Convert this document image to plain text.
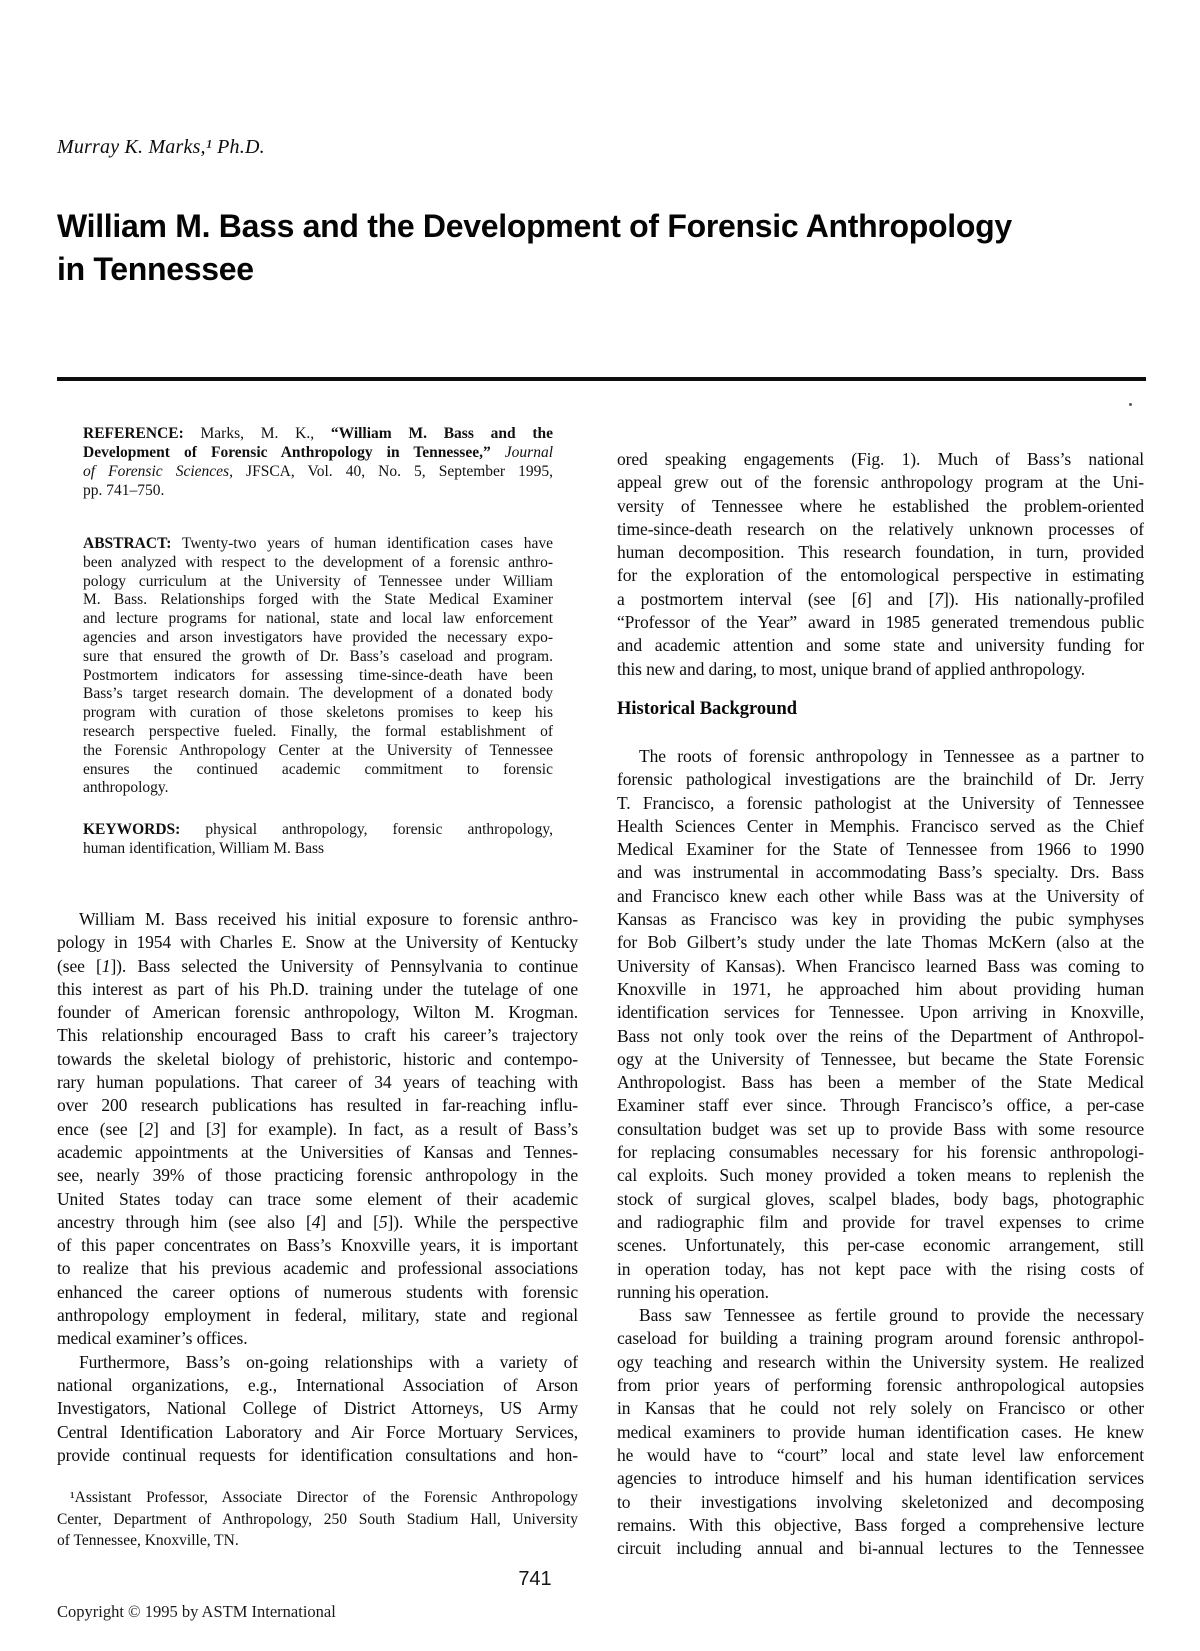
Murray K. Marks,¹ Ph.D.
William M. Bass and the Development of Forensic Anthropology
in Tennessee
REFERENCE: Marks, M. K., “William M. Bass and the
Development of Forensic Anthropology in Tennessee,” Journal
of Forensic Sciences, JFSCA, Vol. 40, No. 5, September 1995,
pp. 741–750.
ABSTRACT: Twenty-two years of human identification cases have
been analyzed with respect to the development of a forensic anthro-
pology curriculum at the University of Tennessee under William
M. Bass. Relationships forged with the State Medical Examiner
and lecture programs for national, state and local law enforcement
agencies and arson investigators have provided the necessary expo-
sure that ensured the growth of Dr. Bass’s caseload and program.
Postmortem indicators for assessing time-since-death have been
Bass’s target research domain. The development of a donated body
program with curation of those skeletons promises to keep his
research perspective fueled. Finally, the formal establishment of
the Forensic Anthropology Center at the University of Tennessee
ensures the continued academic commitment to forensic
anthropology.
KEYWORDS: physical anthropology, forensic anthropology,
human identification, William M. Bass
William M. Bass received his initial exposure to forensic anthro-
pology in 1954 with Charles E. Snow at the University of Kentucky
(see [1]). Bass selected the University of Pennsylvania to continue
this interest as part of his Ph.D. training under the tutelage of one
founder of American forensic anthropology, Wilton M. Krogman.
This relationship encouraged Bass to craft his career’s trajectory
towards the skeletal biology of prehistoric, historic and contempo-
rary human populations. That career of 34 years of teaching with
over 200 research publications has resulted in far-reaching influ-
ence (see [2] and [3] for example). In fact, as a result of Bass’s
academic appointments at the Universities of Kansas and Tennes-
see, nearly 39% of those practicing forensic anthropology in the
United States today can trace some element of their academic
ancestry through him (see also [4] and [5]). While the perspective
of this paper concentrates on Bass’s Knoxville years, it is important
to realize that his previous academic and professional associations
enhanced the career options of numerous students with forensic
anthropology employment in federal, military, state and regional
medical examiner’s offices.
Furthermore, Bass’s on-going relationships with a variety of
national organizations, e.g., International Association of Arson
Investigators, National College of District Attorneys, US Army
Central Identification Laboratory and Air Force Mortuary Services,
provide continual requests for identification consultations and hon-
¹Assistant Professor, Associate Director of the Forensic Anthropology
Center, Department of Anthropology, 250 South Stadium Hall, University
of Tennessee, Knoxville, TN.
ored speaking engagements (Fig. 1). Much of Bass’s national
appeal grew out of the forensic anthropology program at the Uni-
versity of Tennessee where he established the problem-oriented
time-since-death research on the relatively unknown processes of
human decomposition. This research foundation, in turn, provided
for the exploration of the entomological perspective in estimating
a postmortem interval (see [6] and [7]). His nationally-profiled
“Professor of the Year” award in 1985 generated tremendous public
and academic attention and some state and university funding for
this new and daring, to most, unique brand of applied anthropology.
Historical Background
The roots of forensic anthropology in Tennessee as a partner to
forensic pathological investigations are the brainchild of Dr. Jerry
T. Francisco, a forensic pathologist at the University of Tennessee
Health Sciences Center in Memphis. Francisco served as the Chief
Medical Examiner for the State of Tennessee from 1966 to 1990
and was instrumental in accommodating Bass’s specialty. Drs. Bass
and Francisco knew each other while Bass was at the University of
Kansas as Francisco was key in providing the pubic symphyses
for Bob Gilbert’s study under the late Thomas McKern (also at the
University of Kansas). When Francisco learned Bass was coming to
Knoxville in 1971, he approached him about providing human
identification services for Tennessee. Upon arriving in Knoxville,
Bass not only took over the reins of the Department of Anthropol-
ogy at the University of Tennessee, but became the State Forensic
Anthropologist. Bass has been a member of the State Medical
Examiner staff ever since. Through Francisco’s office, a per-case
consultation budget was set up to provide Bass with some resource
for replacing consumables necessary for his forensic anthropologi-
cal exploits. Such money provided a token means to replenish the
stock of surgical gloves, scalpel blades, body bags, photographic
and radiographic film and provide for travel expenses to crime
scenes. Unfortunately, this per-case economic arrangement, still
in operation today, has not kept pace with the rising costs of
running his operation.
Bass saw Tennessee as fertile ground to provide the necessary
caseload for building a training program around forensic anthropol-
ogy teaching and research within the University system. He realized
from prior years of performing forensic anthropological autopsies
in Kansas that he could not rely solely on Francisco or other
medical examiners to provide human identification cases. He knew
he would have to “court” local and state level law enforcement
agencies to introduce himself and his human identification services
to their investigations involving skeletonized and decomposing
remains. With this objective, Bass forged a comprehensive lecture
circuit including annual and bi-annual lectures to the Tennessee
741
Copyright © 1995 by ASTM International
